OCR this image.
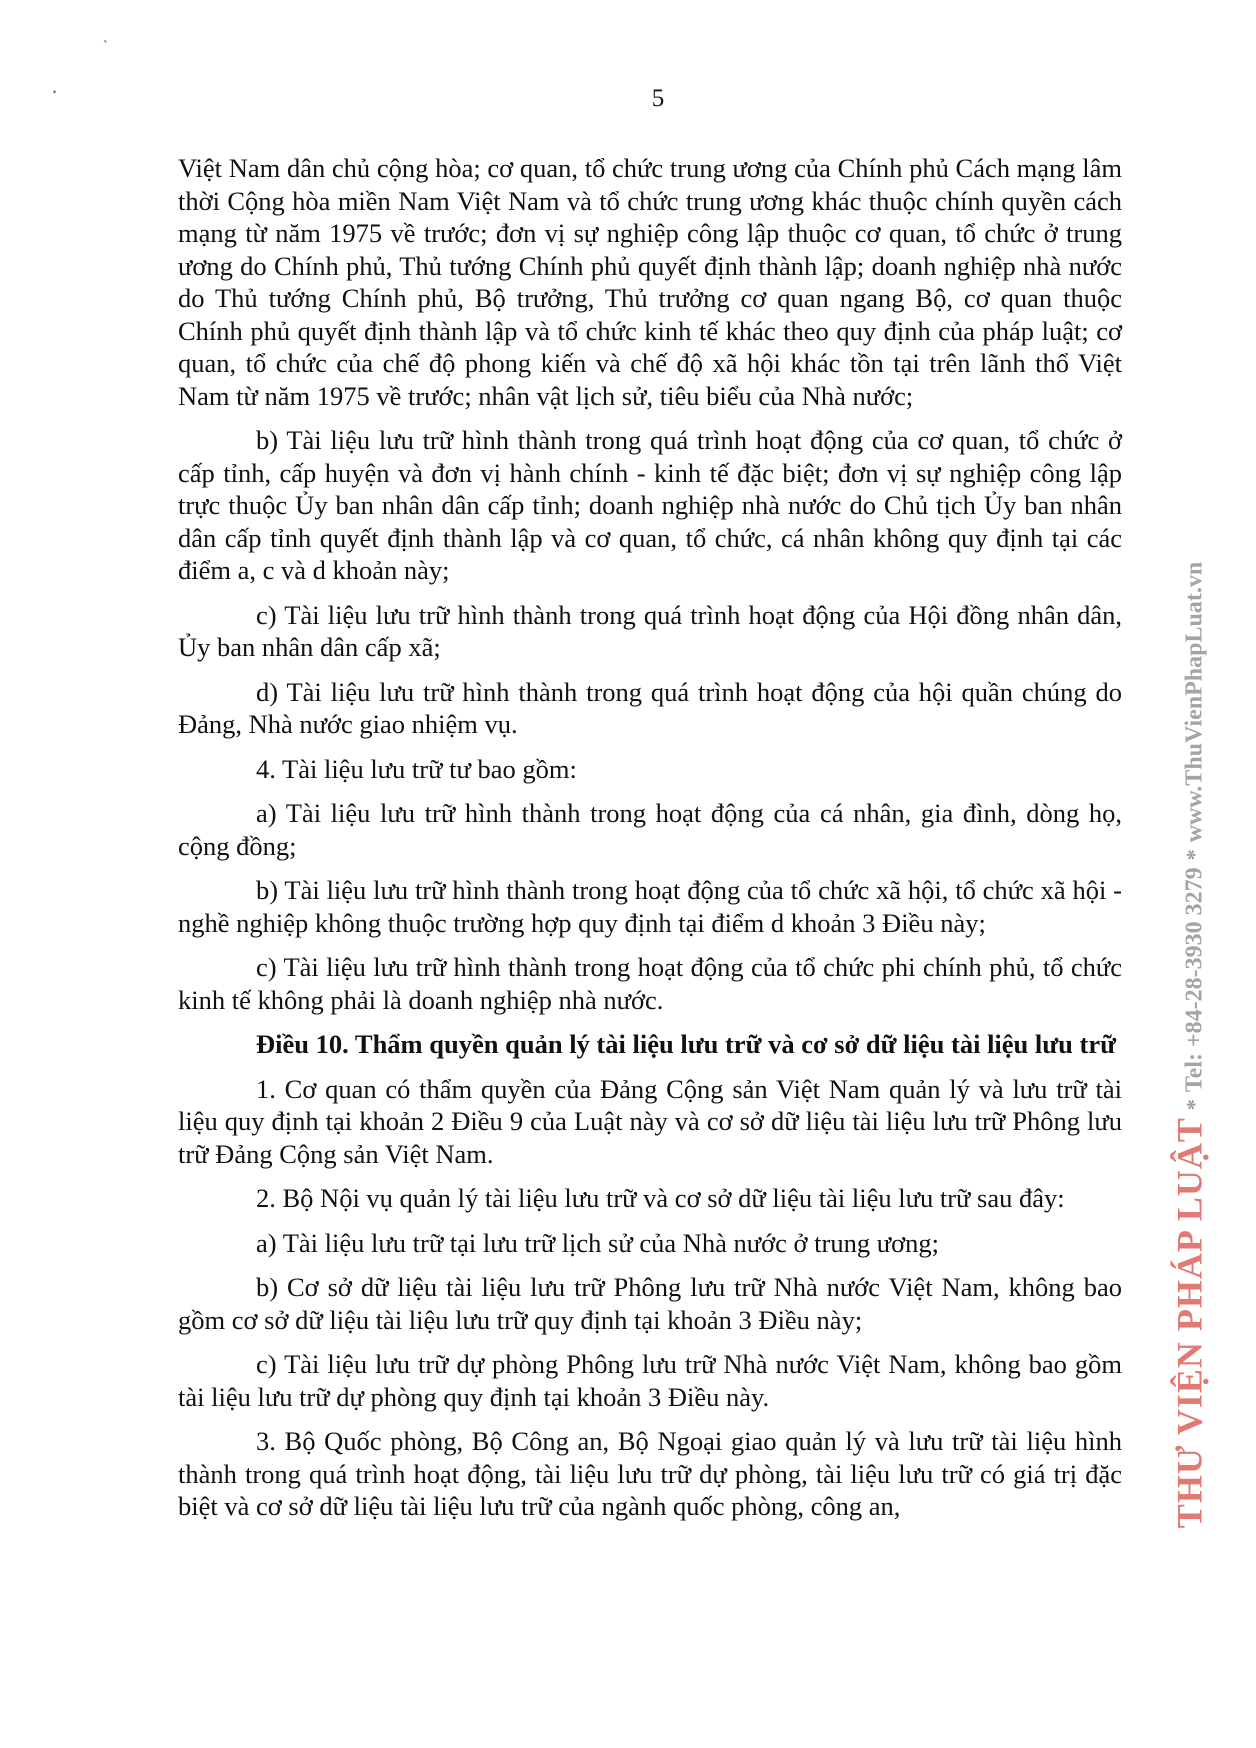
`
¸	5

Việt Nam dân chủ cộng hòa; cơ quan, tổ chức trung ương của Chính phủ Cách mạng lâm thời Cộng hòa miền Nam Việt Nam và tổ chức trung ương khác thuộc chính quyền cách mạng từ năm 1975 về trước; đơn vị sự nghiệp công lập thuộc cơ quan, tổ chức ở trung ương do Chính phủ, Thủ tướng Chính phủ quyết định thành lập; doanh nghiệp nhà nước do Thủ tướng Chính phủ, Bộ trưởng, Thủ trưởng cơ quan ngang Bộ, cơ quan thuộc Chính phủ quyết định thành lập và tổ chức kinh tế khác theo quy định của pháp luật; cơ quan, tổ chức của chế độ phong kiến và chế độ xã hội khác tồn tại trên lãnh thổ Việt Nam từ năm 1975 về trước; nhân vật lịch sử, tiêu biểu của Nhà nước;

b) Tài liệu lưu trữ hình thành trong quá trình hoạt động của cơ quan, tổ chức ở cấp tỉnh, cấp huyện và đơn vị hành chính - kinh tế đặc biệt; đơn vị sự nghiệp công lập trực thuộc Ủy ban nhân dân cấp tỉnh; doanh nghiệp nhà nước do Chủ tịch Ủy ban nhân dân cấp tỉnh quyết định thành lập và cơ quan, tổ chức, cá nhân không quy định tại các điểm a, c và d khoản này;

c) Tài liệu lưu trữ hình thành trong quá trình hoạt động của Hội đồng nhân dân, Ủy ban nhân dân cấp xã;

d) Tài liệu lưu trữ hình thành trong quá trình hoạt động của hội quần chúng do Đảng, Nhà nước giao nhiệm vụ.

4. Tài liệu lưu trữ tư bao gồm:

a) Tài liệu lưu trữ hình thành trong hoạt động của cá nhân, gia đình, dòng họ, cộng đồng;

b) Tài liệu lưu trữ hình thành trong hoạt động của tổ chức xã hội, tổ chức xã hội - nghề nghiệp không thuộc trường hợp quy định tại điểm d khoản 3 Điều này;

c) Tài liệu lưu trữ hình thành trong hoạt động của tổ chức phi chính phủ, tổ chức kinh tế không phải là doanh nghiệp nhà nước.

Điều 10. Thẩm quyền quản lý tài liệu lưu trữ và cơ sở dữ liệu tài liệu lưu trữ

1. Cơ quan có thẩm quyền của Đảng Cộng sản Việt Nam quản lý và lưu trữ tài liệu quy định tại khoản 2 Điều 9 của Luật này và cơ sở dữ liệu tài liệu lưu trữ Phông lưu trữ Đảng Cộng sản Việt Nam.

2. Bộ Nội vụ quản lý tài liệu lưu trữ và cơ sở dữ liệu tài liệu lưu trữ sau đây:

a) Tài liệu lưu trữ tại lưu trữ lịch sử của Nhà nước ở trung ương;

b) Cơ sở dữ liệu tài liệu lưu trữ Phông lưu trữ Nhà nước Việt Nam, không bao gồm cơ sở dữ liệu tài liệu lưu trữ quy định tại khoản 3 Điều này;

c) Tài liệu lưu trữ dự phòng Phông lưu trữ Nhà nước Việt Nam, không bao gồm tài liệu lưu trữ dự phòng quy định tại khoản 3 Điều này.

3. Bộ Quốc phòng, Bộ Công an, Bộ Ngoại giao quản lý và lưu trữ tài liệu hình thành trong quá trình hoạt động, tài liệu lưu trữ dự phòng, tài liệu lưu trữ có giá trị đặc biệt và cơ sở dữ liệu tài liệu lưu trữ của ngành quốc phòng, công an,	THƯ VIỆN PHÁP LUẬT * Tel: +84-28-3930 3279 * www.ThuVienPhapLuat.vn
